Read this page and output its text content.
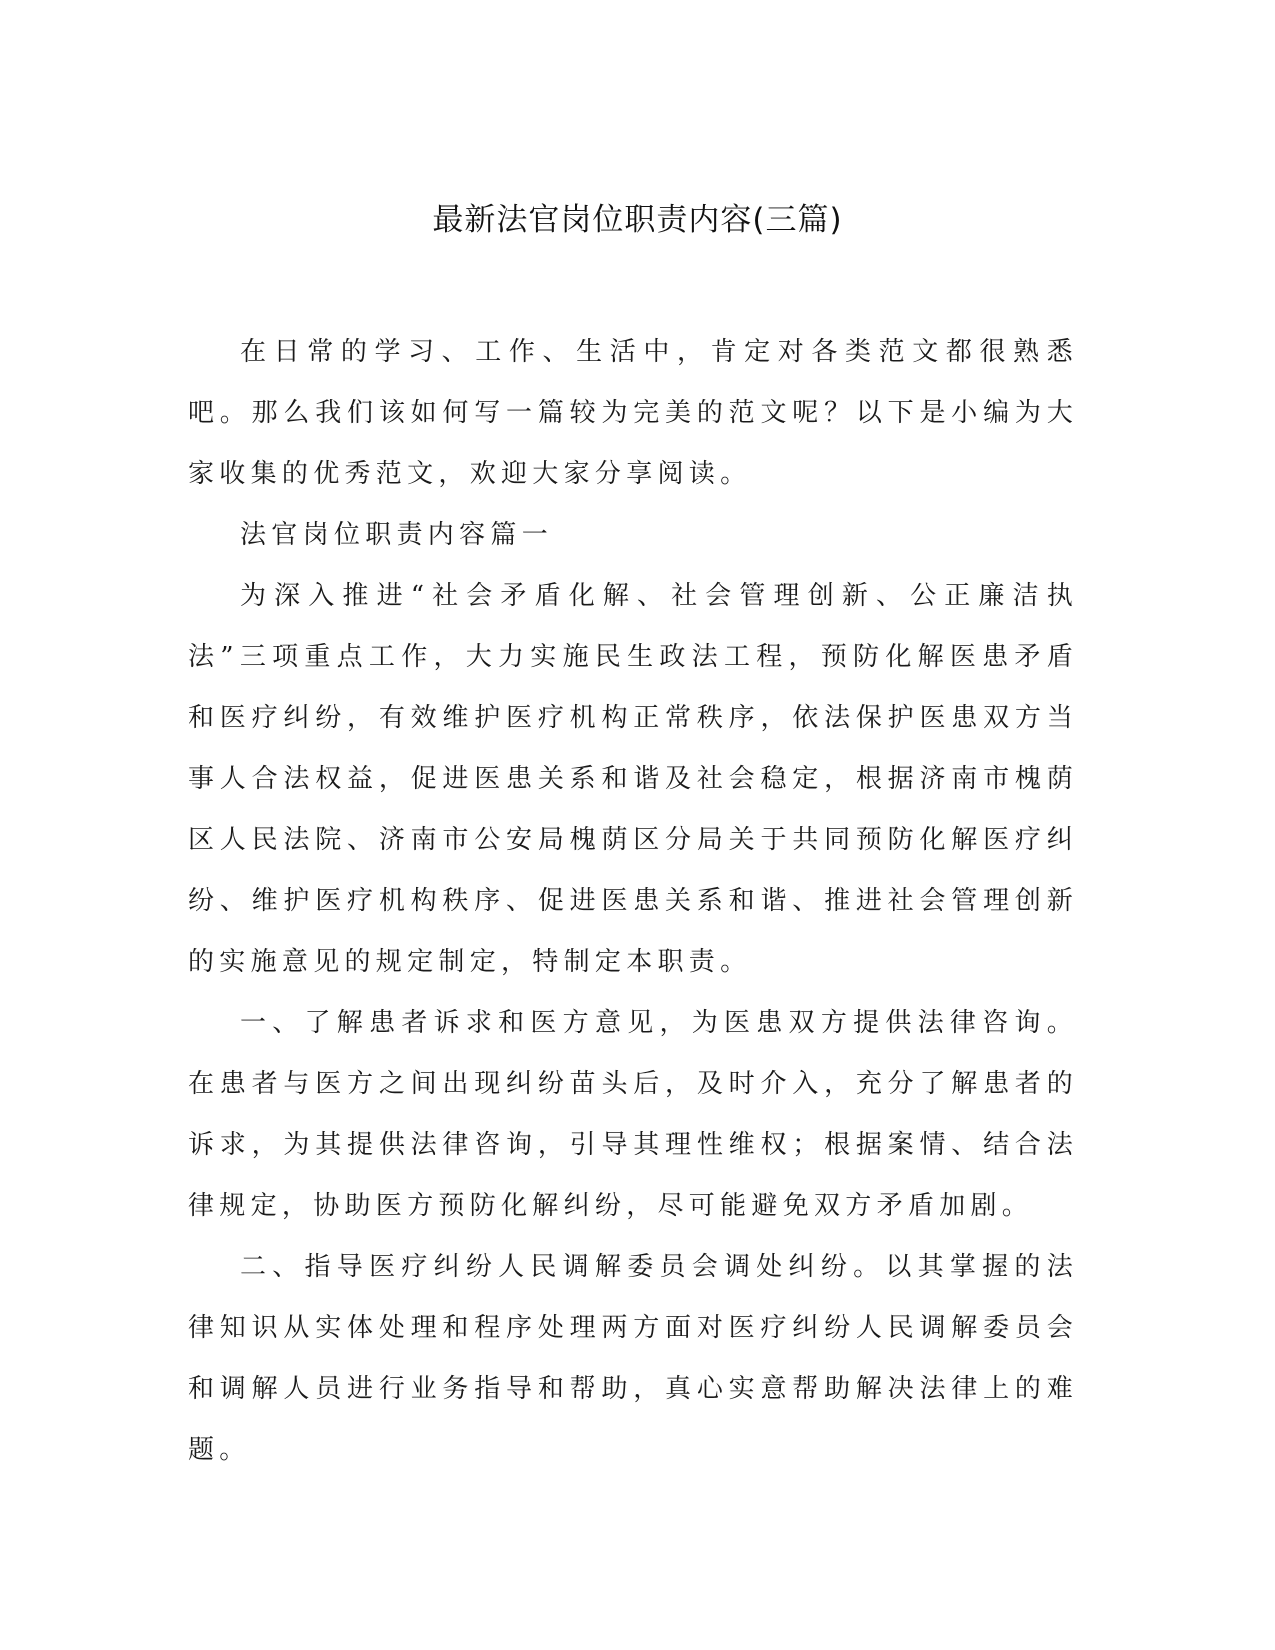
最新法官岗位职责内容(三篇)

在日常的学习、工作、生活中，肯定对各类范文都很熟悉吧。那么我们该如何写一篇较为完美的范文呢？以下是小编为大家收集的优秀范文，欢迎大家分享阅读。

法官岗位职责内容篇一

为深入推进“社会矛盾化解、社会管理创新、公正廉洁执法”三项重点工作，大力实施民生政法工程，预防化解医患矛盾和医疗纠纷，有效维护医疗机构正常秩序，依法保护医患双方当事人合法权益，促进医患关系和谐及社会稳定，根据济南市槐荫区人民法院、济南市公安局槐荫区分局关于共同预防化解医疗纠纷、维护医疗机构秩序、促进医患关系和谐、推进社会管理创新的实施意见的规定制定，特制定本职责。

一、了解患者诉求和医方意见，为医患双方提供法律咨询。在患者与医方之间出现纠纷苗头后，及时介入，充分了解患者的诉求，为其提供法律咨询，引导其理性维权；根据案情、结合法律规定，协助医方预防化解纠纷，尽可能避免双方矛盾加剧。

二、指导医疗纠纷人民调解委员会调处纠纷。以其掌握的法律知识从实体处理和程序处理两方面对医疗纠纷人民调解委员会和调解人员进行业务指导和帮助，真心实意帮助解决法律上的难题。
